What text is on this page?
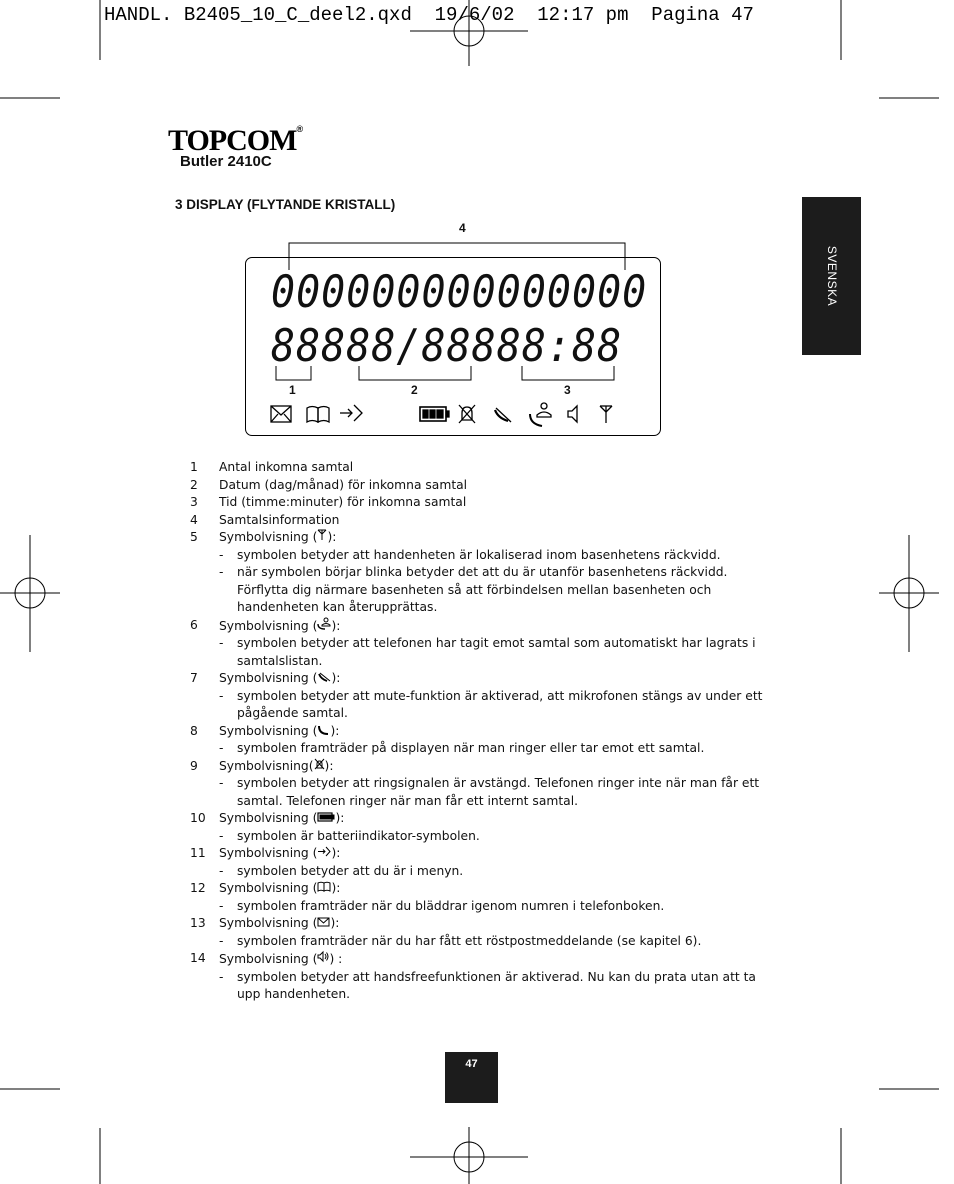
HANDL. B2405_10_C_deel2.qxd  19/6/02  12:17 pm  Pagina 47
TOPCOM®
Butler 2410C
3 DISPLAY (FLYTANDE KRISTALL)
SVENSKA
4
000000000000000
88888/88888:88
1	2	3
1	Antal inkomna samtal
2	Datum (dag/månad) för inkomna samtal
3	Tid (timme:minuter) för inkomna samtal
4	Samtalsinformation
5	Symbolvisning ( ):
-	symbolen betyder att handenheten är lokaliserad inom basenhetens räckvidd.
-	när symbolen börjar blinka betyder det att du är utanför basenhetens räckvidd. Förflytta dig närmare basenheten så att förbindelsen mellan basenheten och handenheten kan återupprättas.
6	Symbolvisning ( ):
-	symbolen betyder att telefonen har tagit emot samtal som automatiskt har lagrats i samtalslistan.
7	Symbolvisning ( ):
-	symbolen betyder att mute-funktion är aktiverad, att mikrofonen stängs av under ett pågående samtal.
8	Symbolvisning ( ):
-	symbolen framträder på displayen när man ringer eller tar emot ett samtal.
9	Symbolvisning( ):
-	symbolen betyder att ringsignalen är avstängd. Telefonen ringer inte när man får ett samtal. Telefonen ringer när man får ett internt samtal.
10	Symbolvisning ( ):
-	symbolen är batteriindikator-symbolen.
11	Symbolvisning ( ):
-	symbolen betyder att du är i menyn.
12	Symbolvisning ( ):
-	symbolen framträder när du bläddrar igenom numren i telefonboken.
13	Symbolvisning ( ):
-	symbolen framträder när du har fått ett röstpostmeddelande (se kapitel 6).
14	Symbolvisning ( ) :
-	symbolen betyder att handsfreefunktionen är aktiverad. Nu kan du prata utan att ta upp handenheten.
47
